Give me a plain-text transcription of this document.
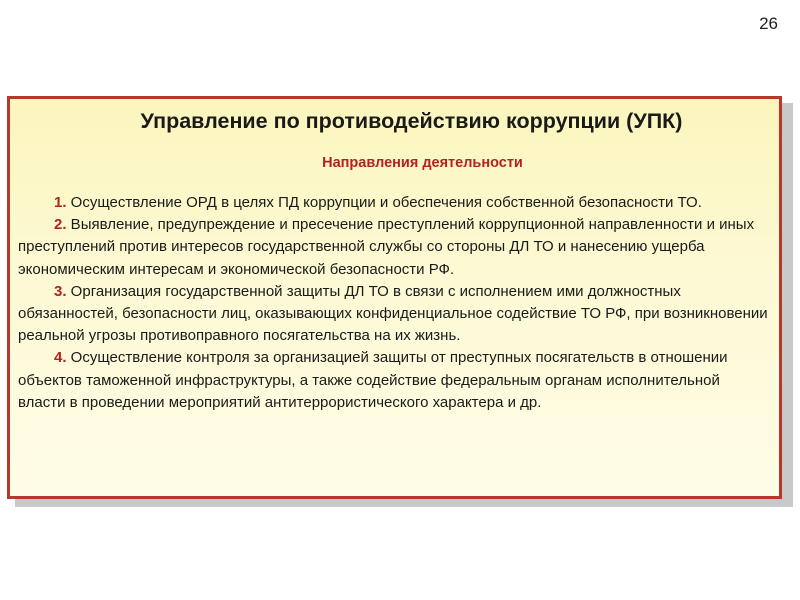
26
Управление по противодействию коррупции (УПК)
Направления деятельности

1. Осуществление ОРД в целях ПД коррупции и обеспечения собственной безопасности ТО.

2. Выявление, предупреждение и пресечение преступлений коррупционной направленности и иных преступлений против интересов государственной службы со стороны ДЛ ТО и нанесению ущерба экономическим интересам и экономической безопасности РФ.

3. Организация государственной защиты ДЛ ТО в связи с исполнением ими должностных обязанностей, безопасности лиц, оказывающих конфиденциальное содействие ТО РФ, при возникновении реальной угрозы противоправного посягательства на их жизнь.

4. Осуществление контроля за организацией защиты от преступных посягательств в отношении объектов таможенной инфраструктуры, а также содействие федеральным органам исполнительной власти в проведении мероприятий антитеррористического характера и др.
